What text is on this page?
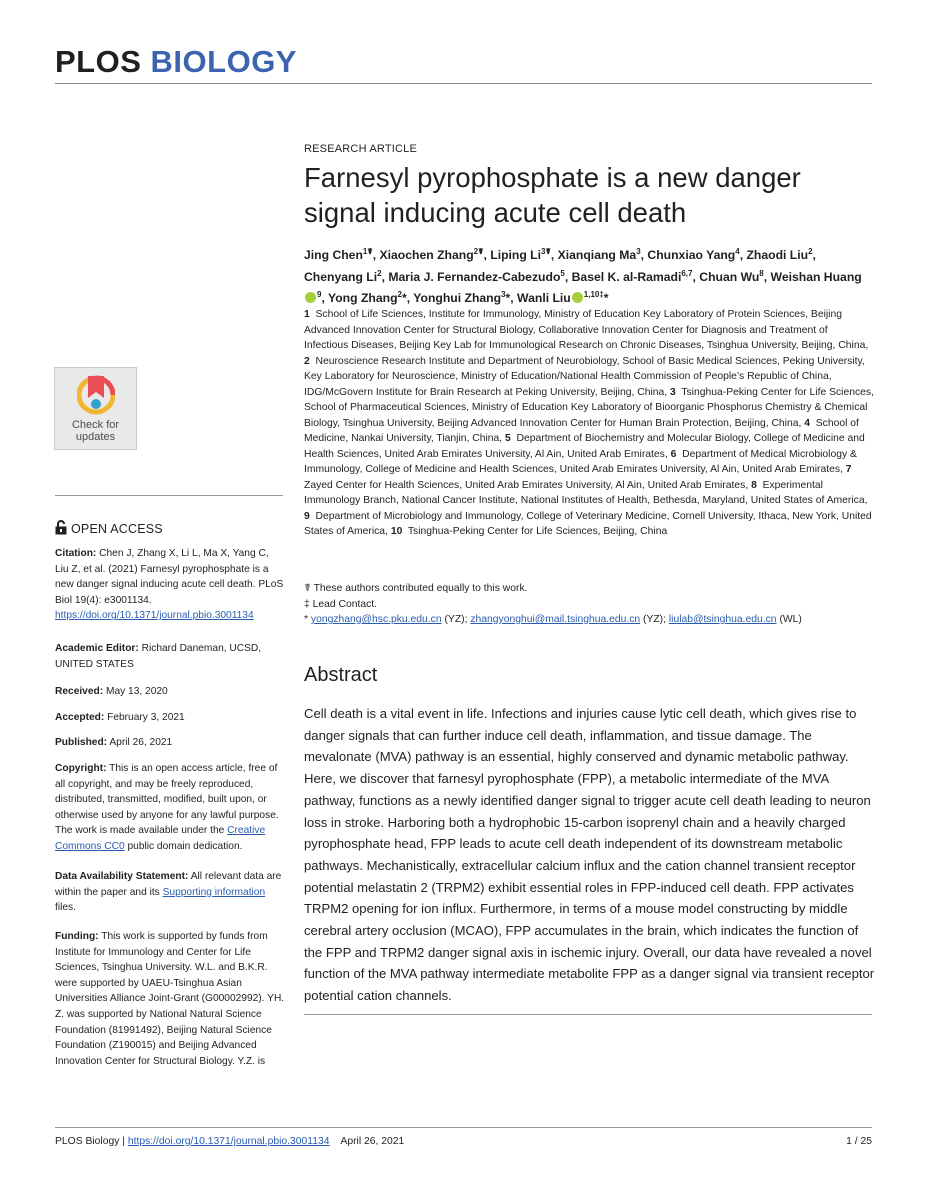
PLOS BIOLOGY
Check for
updates
OPEN ACCESS
Citation: Chen J, Zhang X, Li L, Ma X, Yang C, Liu Z, et al. (2021) Farnesyl pyrophosphate is a new danger signal inducing acute cell death. PLoS Biol 19(4): e3001134. https://doi.org/10.1371/journal.pbio.3001134
Academic Editor: Richard Daneman, UCSD, UNITED STATES
Received: May 13, 2020
Accepted: February 3, 2021
Published: April 26, 2021
Copyright: This is an open access article, free of all copyright, and may be freely reproduced, distributed, transmitted, modified, built upon, or otherwise used by anyone for any lawful purpose. The work is made available under the Creative Commons CC0 public domain dedication.
Data Availability Statement: All relevant data are within the paper and its Supporting information files.
Funding: This work is supported by funds from Institute for Immunology and Center for Life Sciences, Tsinghua University. W.L. and B.K.R. were supported by UAEU-Tsinghua Asian Universities Alliance Joint-Grant (G00002992). YH. Z. was supported by National Natural Science Foundation (81991492), Beijing Natural Science Foundation (Z190015) and Beijing Advanced Innovation Center for Structural Biology. Y.Z. is
RESEARCH ARTICLE
Farnesyl pyrophosphate is a new danger signal inducing acute cell death
Jing Chen$^{1☤}$, Xiaochen Zhang$^{2☤}$, Liping $Li^{3☤}$, Xianqiang Ma$^3$, Chunxiao Yang$^4$, Zhaodi Liu$^2$, Chenyang Li$^2$, Maria J. Fernandez-Cabezudo$^5$, Basel K. al-Ramadi$^{6,7}$, Chuan Wu$^8$, Weishan Huang$^9$, Yong Zhang$^2$*, Yonghui Zhang$^3$*, Wanli Liu $^{1,10\ddagger}$*
1 School of Life Sciences, Institute for Immunology, Ministry of Education Key Laboratory of Protein Sciences, Beijing Advanced Innovation Center for Structural Biology, Collaborative Innovation Center for Diagnosis and Treatment of Infectious Diseases, Beijing Key Lab for Immunological Research on Chronic Diseases, Tsinghua University, Beijing, China, 2 Neuroscience Research Institute and Department of Neurobiology, School of Basic Medical Sciences, Peking University, Key Laboratory for Neuroscience, Ministry of Education/National Health Commission of People’s Republic of China, IDG/McGovern Institute for Brain Research at Peking University, Beijing, China, 3 Tsinghua-Peking Center for Life Sciences, School of Pharmaceutical Sciences, Ministry of Education Key Laboratory of Bioorganic Phosphorus Chemistry & Chemical Biology, Tsinghua University, Beijing Advanced Innovation Center for Human Brain Protection, Beijing, China, 4 School of Medicine, Nankai University, Tianjin, China, 5 Department of Biochemistry and Molecular Biology, College of Medicine and Health Sciences, United Arab Emirates University, Al Ain, United Arab Emirates, 6 Department of Medical Microbiology & Immunology, College of Medicine and Health Sciences, United Arab Emirates University, Al Ain, United Arab Emirates, 7  Zayed Center for Health Sciences, United Arab Emirates University, Al Ain, United Arab Emirates, 8 Experimental Immunology Branch, National Cancer Institute, National Institutes of Health, Bethesda, Maryland, United States of America, 9 Department of Microbiology and Immunology, College of Veterinary Medicine, Cornell University, Ithaca, New York, United States of America, 10 Tsinghua-Peking Center for Life Sciences, Beijing, China
☤ These authors contributed equally to this work.
‡ Lead Contact.
* yongzhang@hsc.pku.edu.cn (YZ); zhangyonghui@mail.tsinghua.edu.cn (YZ); liulab@tsinghua.edu.cn (WL)
Abstract
Cell death is a vital event in life. Infections and injuries cause lytic cell death, which gives rise to danger signals that can further induce cell death, inflammation, and tissue damage. The mevalonate (MVA) pathway is an essential, highly conserved and dynamic metabolic pathway. Here, we discover that farnesyl pyrophosphate (FPP), a metabolic intermediate of the MVA pathway, functions as a newly identified danger signal to trigger acute cell death leading to neuron loss in stroke. Harboring both a hydrophobic 15-carbon isoprenyl chain and a heavily charged pyrophosphate head, FPP leads to acute cell death independent of its downstream metabolic pathways. Mechanistically, extracellular calcium influx and the cation channel transient receptor potential melastatin 2 (TRPM2) exhibit essential roles in FPP-induced cell death. FPP activates TRPM2 opening for ion influx. Furthermore, in terms of a mouse model constructing by middle cerebral artery occlusion (MCAO), FPP accumulates in the brain, which indicates the function of the FPP and TRPM2 danger signal axis in ischemic injury. Overall, our data have revealed a novel function of the MVA pathway intermediate metabolite FPP as a danger signal via transient receptor potential cation channels.
PLOS Biology | https://doi.org/10.1371/journal.pbio.3001134 April 26, 2021	1 / 25
